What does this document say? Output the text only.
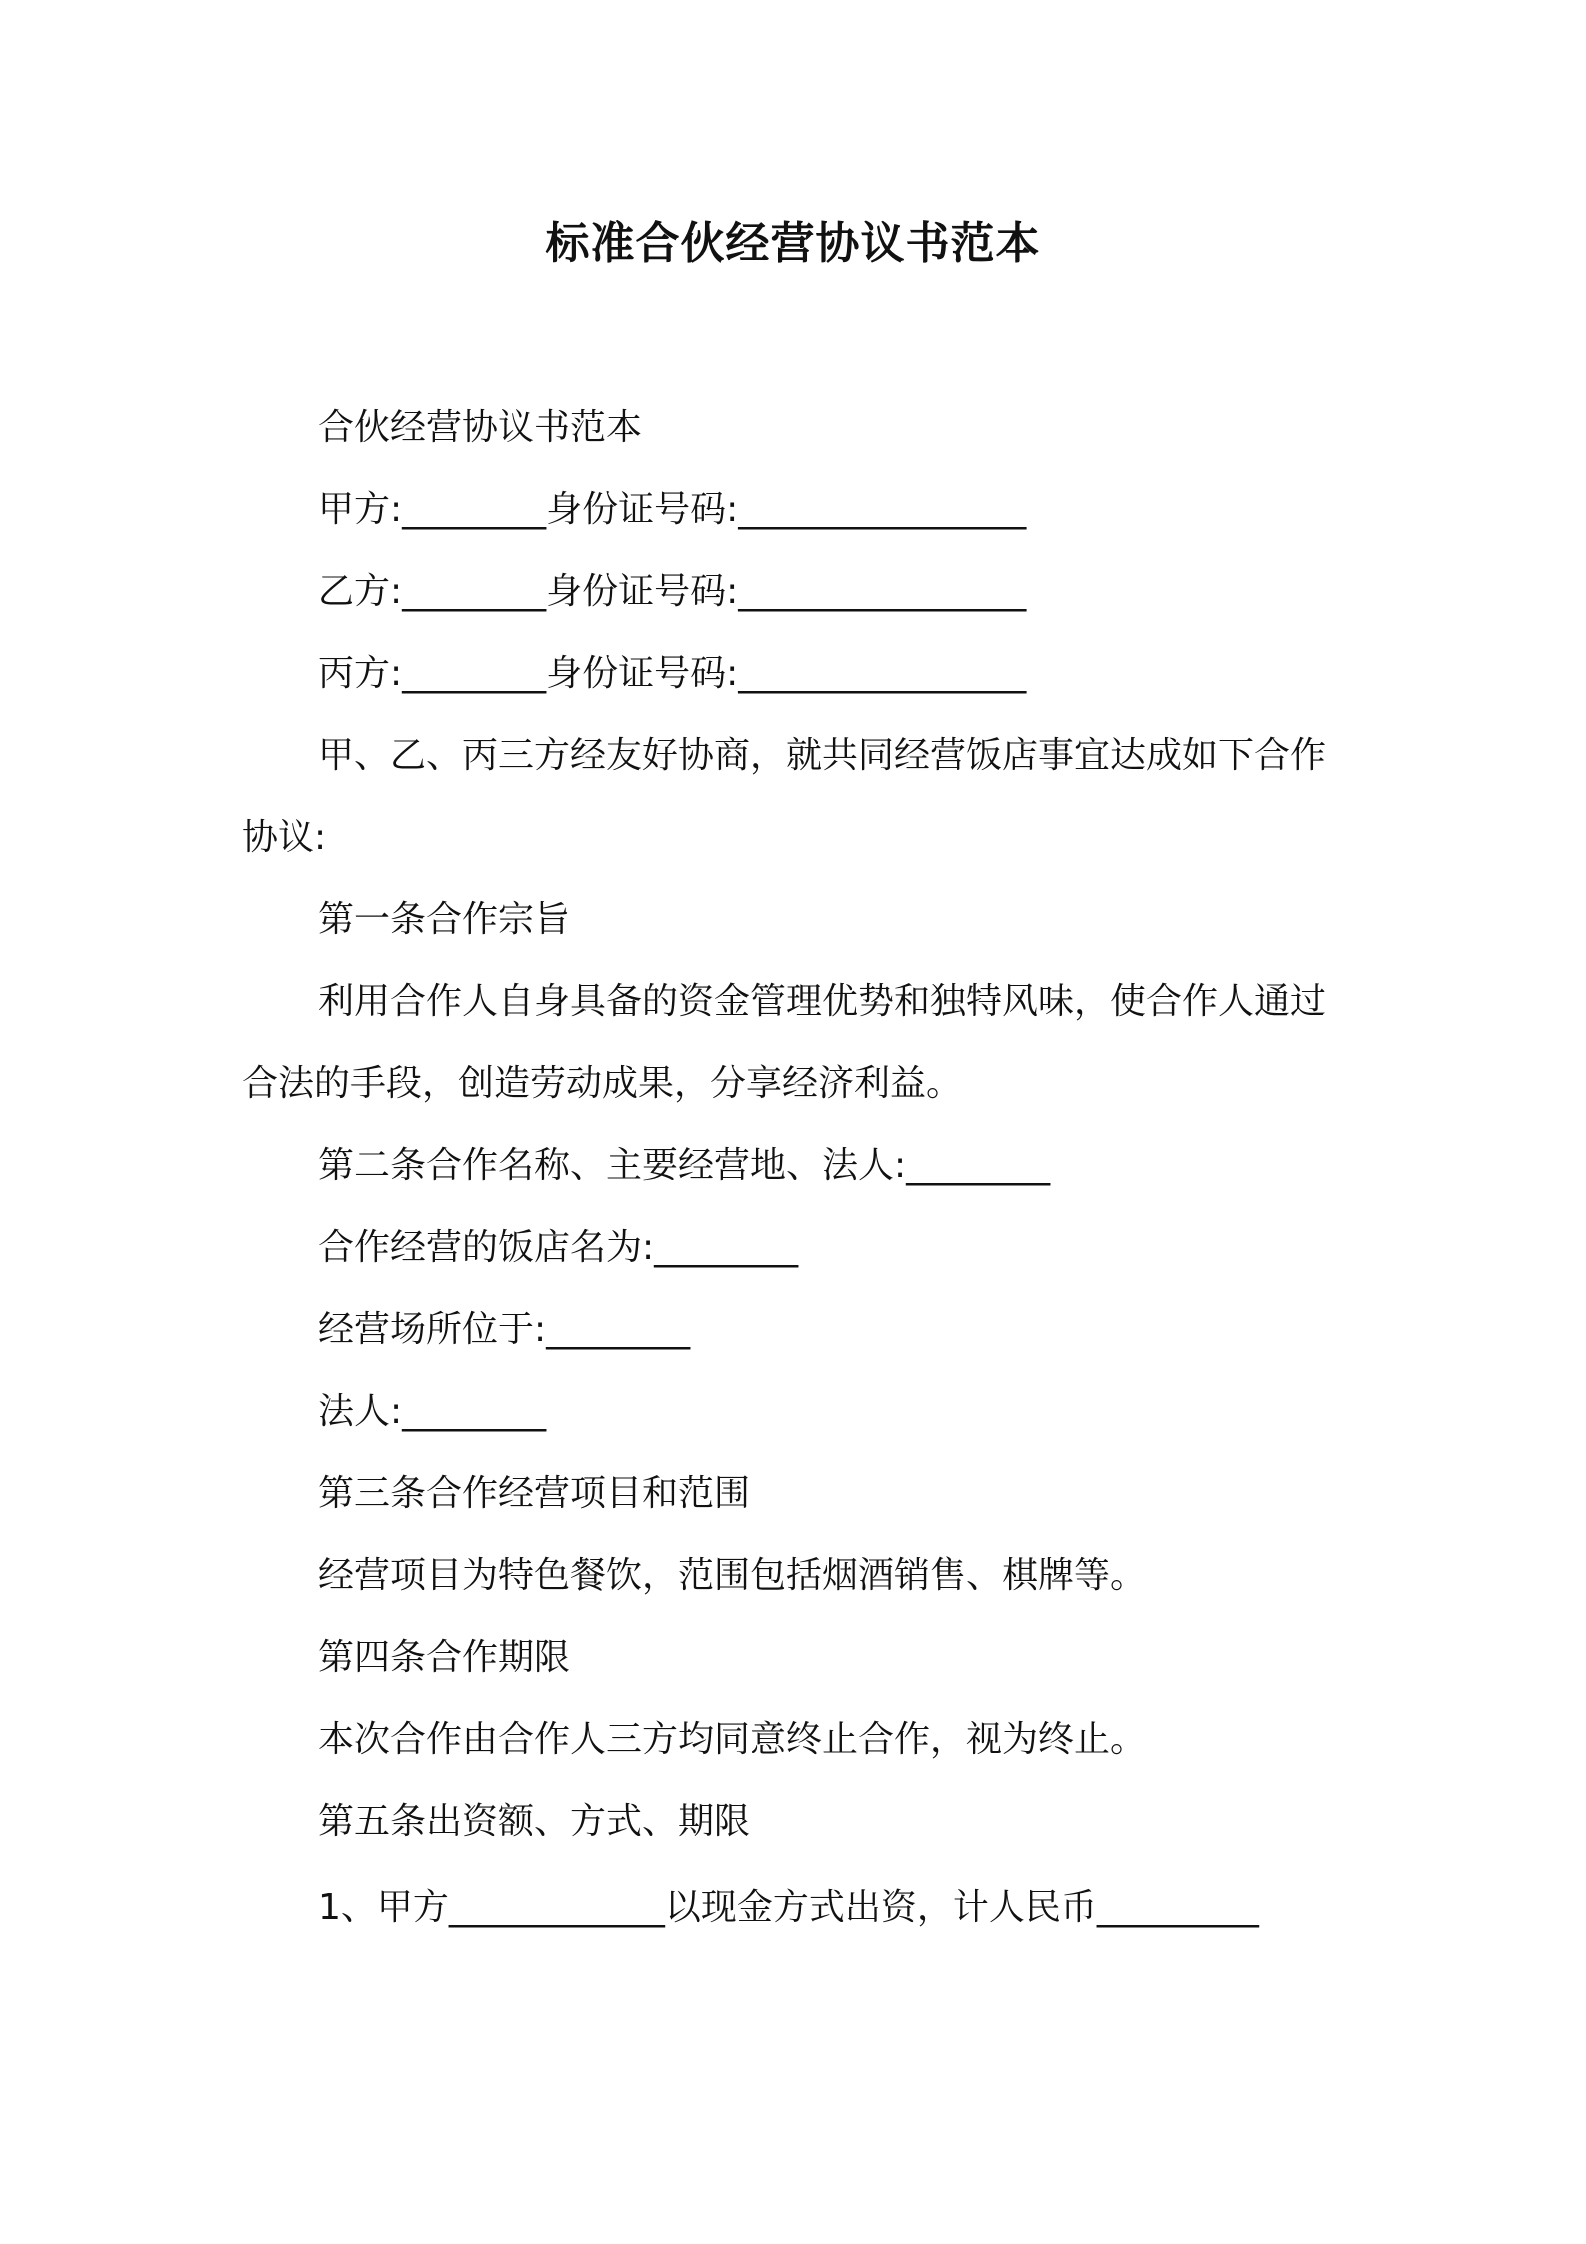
标准合伙经营协议书范本
合伙经营协议书范本
甲方:________身份证号码:________________
乙方:________身份证号码:________________
丙方:________身份证号码:________________
甲、乙、丙三方经友好协商，就共同经营饭店事宜达成如下合作
协议:
第一条合作宗旨
利用合作人自身具备的资金管理优势和独特风味，使合作人通过
合法的手段，创造劳动成果，分享经济利益。
第二条合作名称、主要经营地、法人:________
合作经营的饭店名为:________
经营场所位于:________
法人:________
第三条合作经营项目和范围
经营项目为特色餐饮，范围包括烟酒销售、棋牌等。
第四条合作期限
本次合作由合作人三方均同意终止合作，视为终止。
第五条出资额、方式、期限
1、甲方____________以现金方式出资，计人民币_________
